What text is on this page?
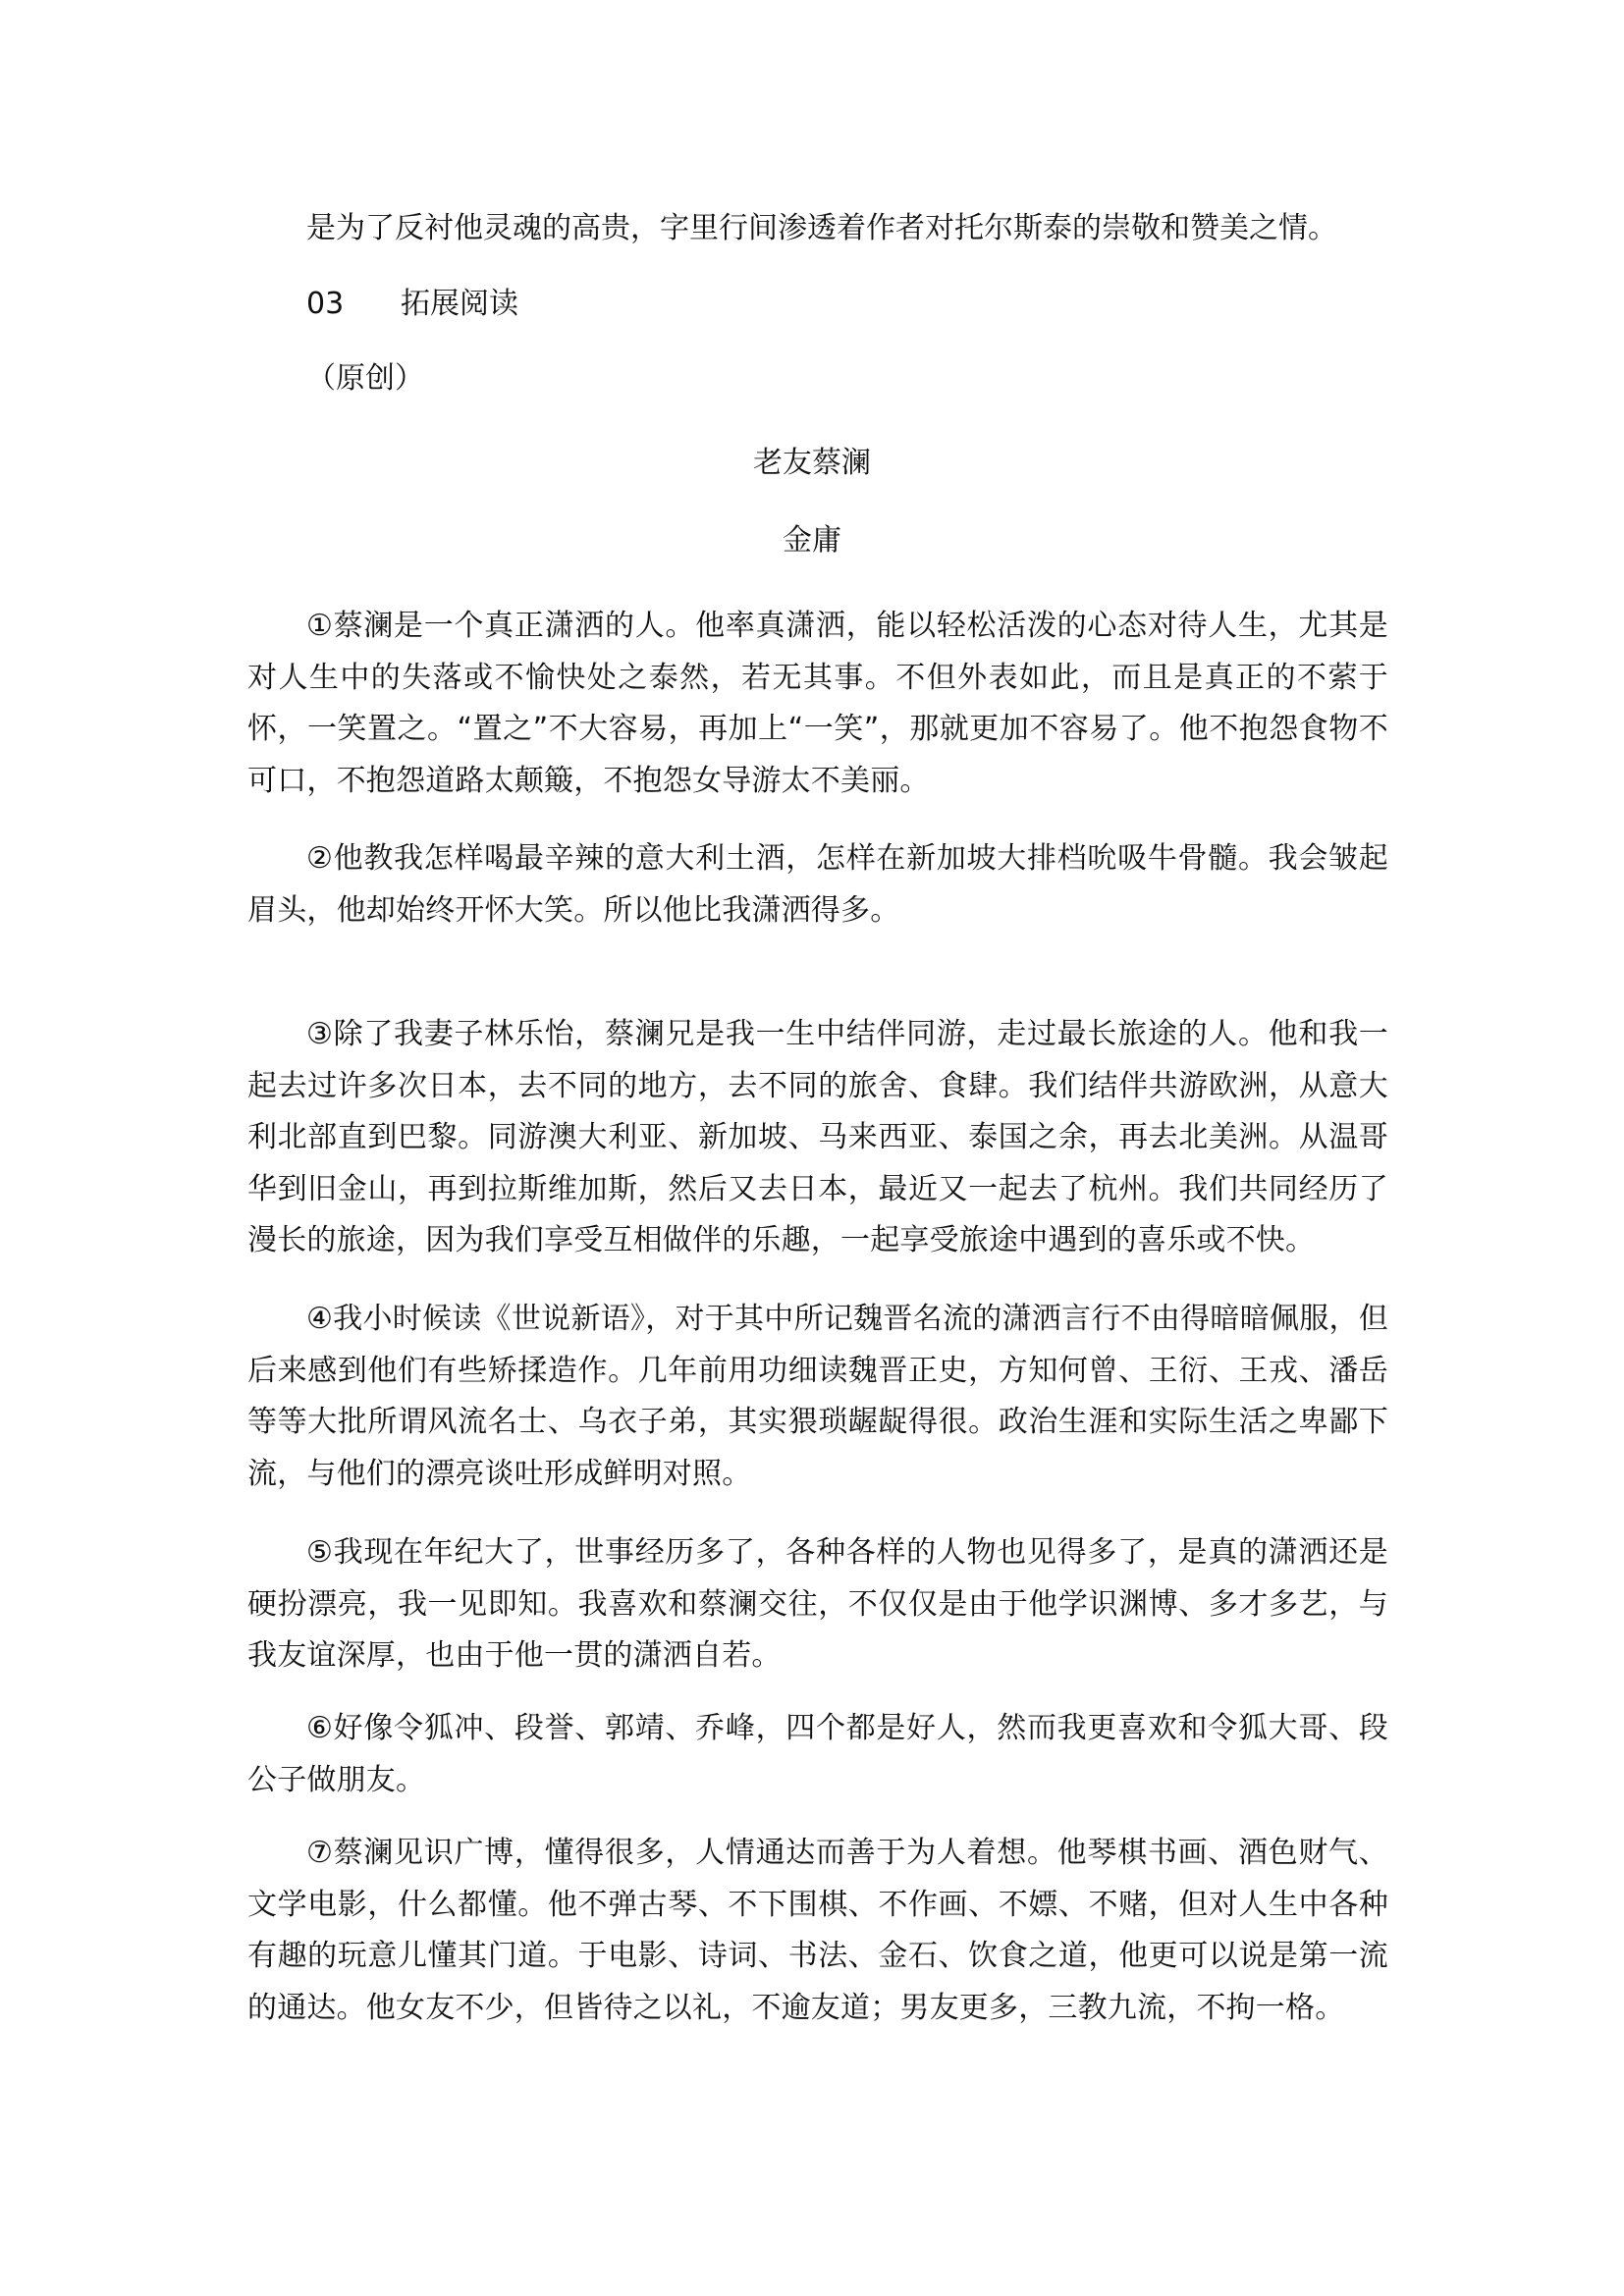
是为了反衬他灵魂的高贵，字里行间渗透着作者对托尔斯泰的崇敬和赞美之情。

03 拓展阅读

（原创）

老友蔡澜

金庸

①蔡澜是一个真正潇洒的人。他率真潇洒，能以轻松活泼的心态对待人生，尤其是对人生中的失落或不愉快处之泰然，若无其事。不但外表如此，而且是真正的不萦于怀，一笑置之。“置之”不大容易，再加上“一笑”，那就更加不容易了。他不抱怨食物不可口，不抱怨道路太颠簸，不抱怨女导游太不美丽。

②他教我怎样喝最辛辣的意大利土酒，怎样在新加坡大排档吮吸牛骨髓。我会皱起眉头，他却始终开怀大笑。所以他比我潇洒得多。

③除了我妻子林乐怡，蔡澜兄是我一生中结伴同游，走过最长旅途的人。他和我一起去过许多次日本，去不同的地方，去不同的旅舍、食肆。我们结伴共游欧洲，从意大利北部直到巴黎。同游澳大利亚、新加坡、马来西亚、泰国之余，再去北美洲。从温哥华到旧金山，再到拉斯维加斯，然后又去日本，最近又一起去了杭州。我们共同经历了漫长的旅途，因为我们享受互相做伴的乐趣，一起享受旅途中遇到的喜乐或不快。

④我小时候读《世说新语》，对于其中所记魏晋名流的潇洒言行不由得暗暗佩服，但后来感到他们有些矫揉造作。几年前用功细读魏晋正史，方知何曾、王衍、王戎、潘岳等等大批所谓风流名士、乌衣子弟，其实猥琐龌龊得很。政治生涯和实际生活之卑鄙下流，与他们的漂亮谈吐形成鲜明对照。

⑤我现在年纪大了，世事经历多了，各种各样的人物也见得多了，是真的潇洒还是硬扮漂亮，我一见即知。我喜欢和蔡澜交往，不仅仅是由于他学识渊博、多才多艺，与我友谊深厚，也由于他一贯的潇洒自若。

⑥好像令狐冲、段誉、郭靖、乔峰，四个都是好人，然而我更喜欢和令狐大哥、段公子做朋友。

⑦蔡澜见识广博，懂得很多，人情通达而善于为人着想。他琴棋书画、酒色财气、文学电影，什么都懂。他不弹古琴、不下围棋、不作画、不嫖、不赌，但对人生中各种有趣的玩意儿懂其门道。于电影、诗词、书法、金石、饮食之道，他更可以说是第一流的通达。他女友不少，但皆待之以礼，不逾友道；男友更多，三教九流，不拘一格。
